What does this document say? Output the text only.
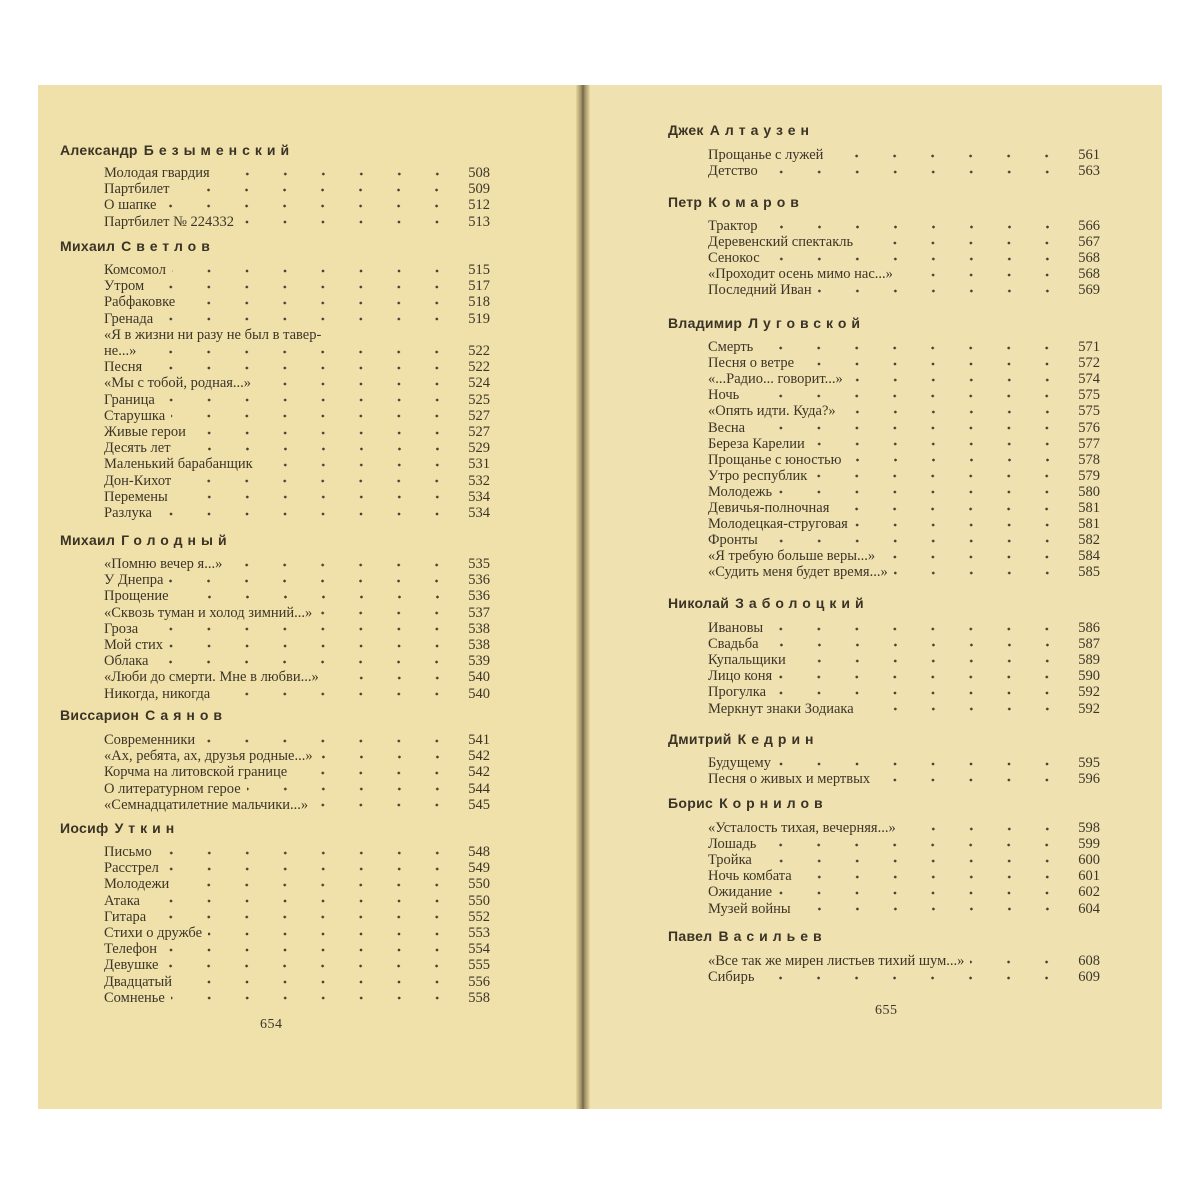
Александр Безыменский
Молодая гвардия	508
Партбилет	509
О шапке	512
Партбилет № 224332	513
Михаил Светлов
Комсомол	515
Утром	517
Рабфаковке	518
Гренада	519
«Я в жизни ни разу не был в тавер-
не...»	522
Песня	522
«Мы с тобой, родная...»	524
Граница	525
Старушка	527
Живые герои	527
Десять лет	529
Маленький барабанщик	531
Дон-Кихот	532
Перемены	534
Разлука	534
Михаил Голодный
«Помню вечер я...»	535
У Днепра	536
Прощение	536
«Сквозь туман и холод зимний...»	537
Гроза	538
Мой стих	538
Облака	539
«Люби до смерти. Мне в любви...»	540
Никогда, никогда	540
Виссарион Саянов
Современники	541
«Ах, ребята, ах, друзья родные...»	542
Корчма на литовской границе	542
О литературном герое	544
«Семнадцатилетние мальчики...»	545
Иосиф Уткин
Письмо	548
Расстрел	549
Молодежи	550
Атака	550
Гитара	552
Стихи о дружбе	553
Телефон	554
Девушке	555
Двадцатый	556
Сомненье	558
654
Джек Алтаузен
Прощанье с лужей	561
Детство	563
Петр Комаров
Трактор	566
Деревенский спектакль	567
Сенокос	568
«Проходит осень мимо нас...»	568
Последний Иван	569
Владимир Луговской
Смерть	571
Песня о ветре	572
«...Радио... говорит...»	574
Ночь	575
«Опять идти. Куда?»	575
Весна	576
Береза Карелии	577
Прощанье с юностью	578
Утро республик	579
Молодежь	580
Девичья-полночная	581
Молодецкая-струговая	581
Фронты	582
«Я требую больше веры...»	584
«Судить меня будет время...»	585
Николай Заболоцкий
Ивановы	586
Свадьба	587
Купальщики	589
Лицо коня	590
Прогулка	592
Меркнут знаки Зодиака	592
Дмитрий Кедрин
Будущему	595
Песня о живых и мертвых	596
Борис Корнилов
«Усталость тихая, вечерняя...»	598
Лошадь	599
Тройка	600
Ночь комбата	601
Ожидание	602
Музей войны	604
Павел Васильев
«Все так же мирен листьев тихий шум...»	608
Сибирь	609
655
